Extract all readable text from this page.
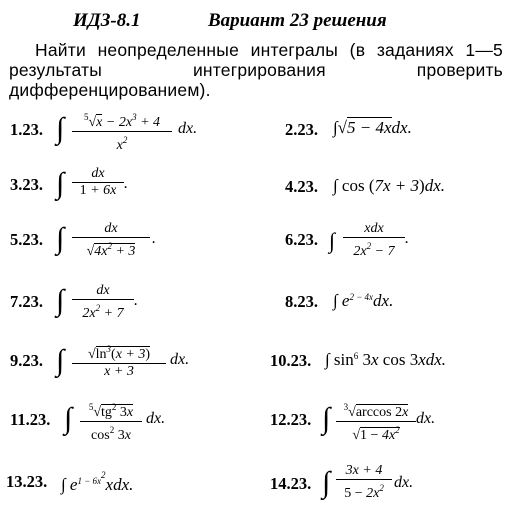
ИДЗ-8.1	Вариант 23 решения
Найти неопределенные интегралы (в заданиях 1—5 результаты интегрирования проверить дифференцированием).
1.23. ∫	$^5√x - 2x^3 + 4$
$x^2$
dx.	2.23. ∫√5 − 4xdx.
3.23. ∫	dx
1 + 6x .	4.23. ∫ cos (7x + 3)dx.
5.23. ∫	dx
$√4x^2 + 3$
.	6.23. ∫	xdx
$2x^2 - 7$
.
7.23. ∫	dx
$2x^2 + 7$
.	8.23. ∫ $e^{2 - 4x}dx$.
9.23. ∫	$√\ln^3(x + 3)$
x + 3
dx.	10.23. ∫ $\sin^6 3x$ cos 3xdx.
11.23. ∫	$^5√tg^2$ 3x
$\cos^2 3x$
dx.	12.23. ∫	$^3$√arccos 2x
$√1 - 4x^2$
dx.
13.23. ∫ $e^{1 - 6x^2}xdx$.	14.23. ∫	3x + 4
$5 - 2x^2$ dx.
